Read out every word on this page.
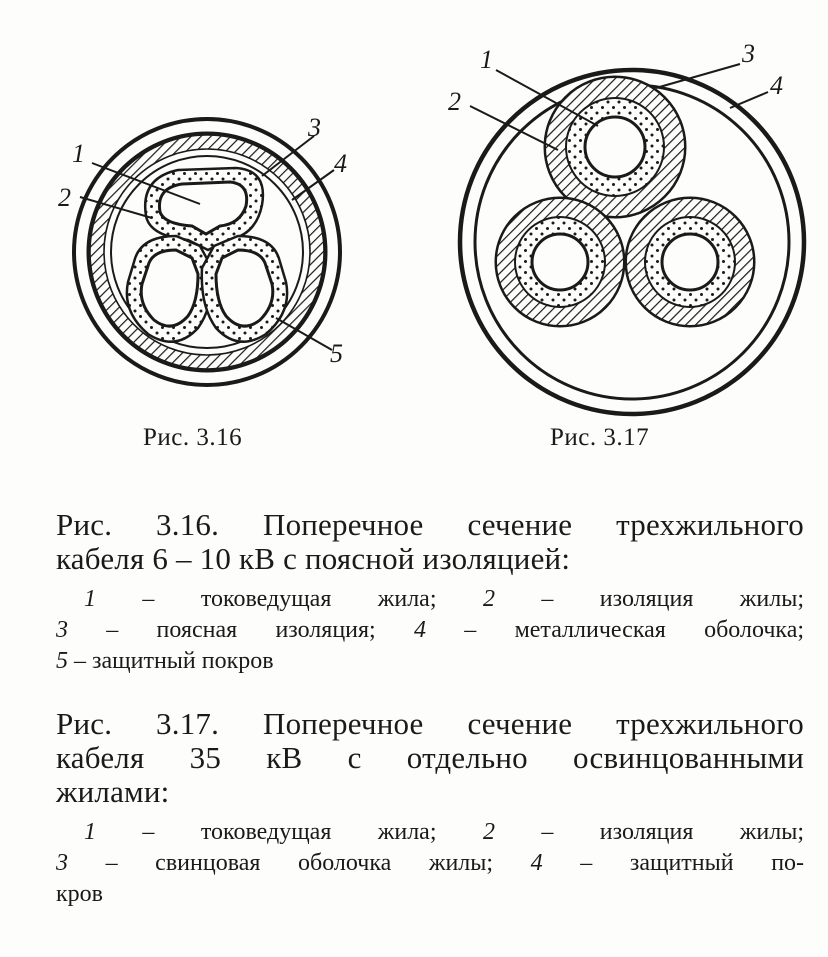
1
2
3
4
5
1
2
3
4
Рис. 3.16	Рис. 3.17
Рис. 3.16. Поперечное сечение трехжильного
кабеля 6 – 10 кВ с поясной изоляцией:
1 – токоведущая жила; 2 – изоляция жилы;
3 – поясная изоляция; 4 – металлическая оболочка;
5 – защитный покров
Рис. 3.17. Поперечное сечение трехжильного
кабеля 35 кВ с отдельно освинцованными
жилами:
1 – токоведущая жила; 2 – изоляция жилы;
3 – свинцовая оболочка жилы; 4 – защитный по-
кров
